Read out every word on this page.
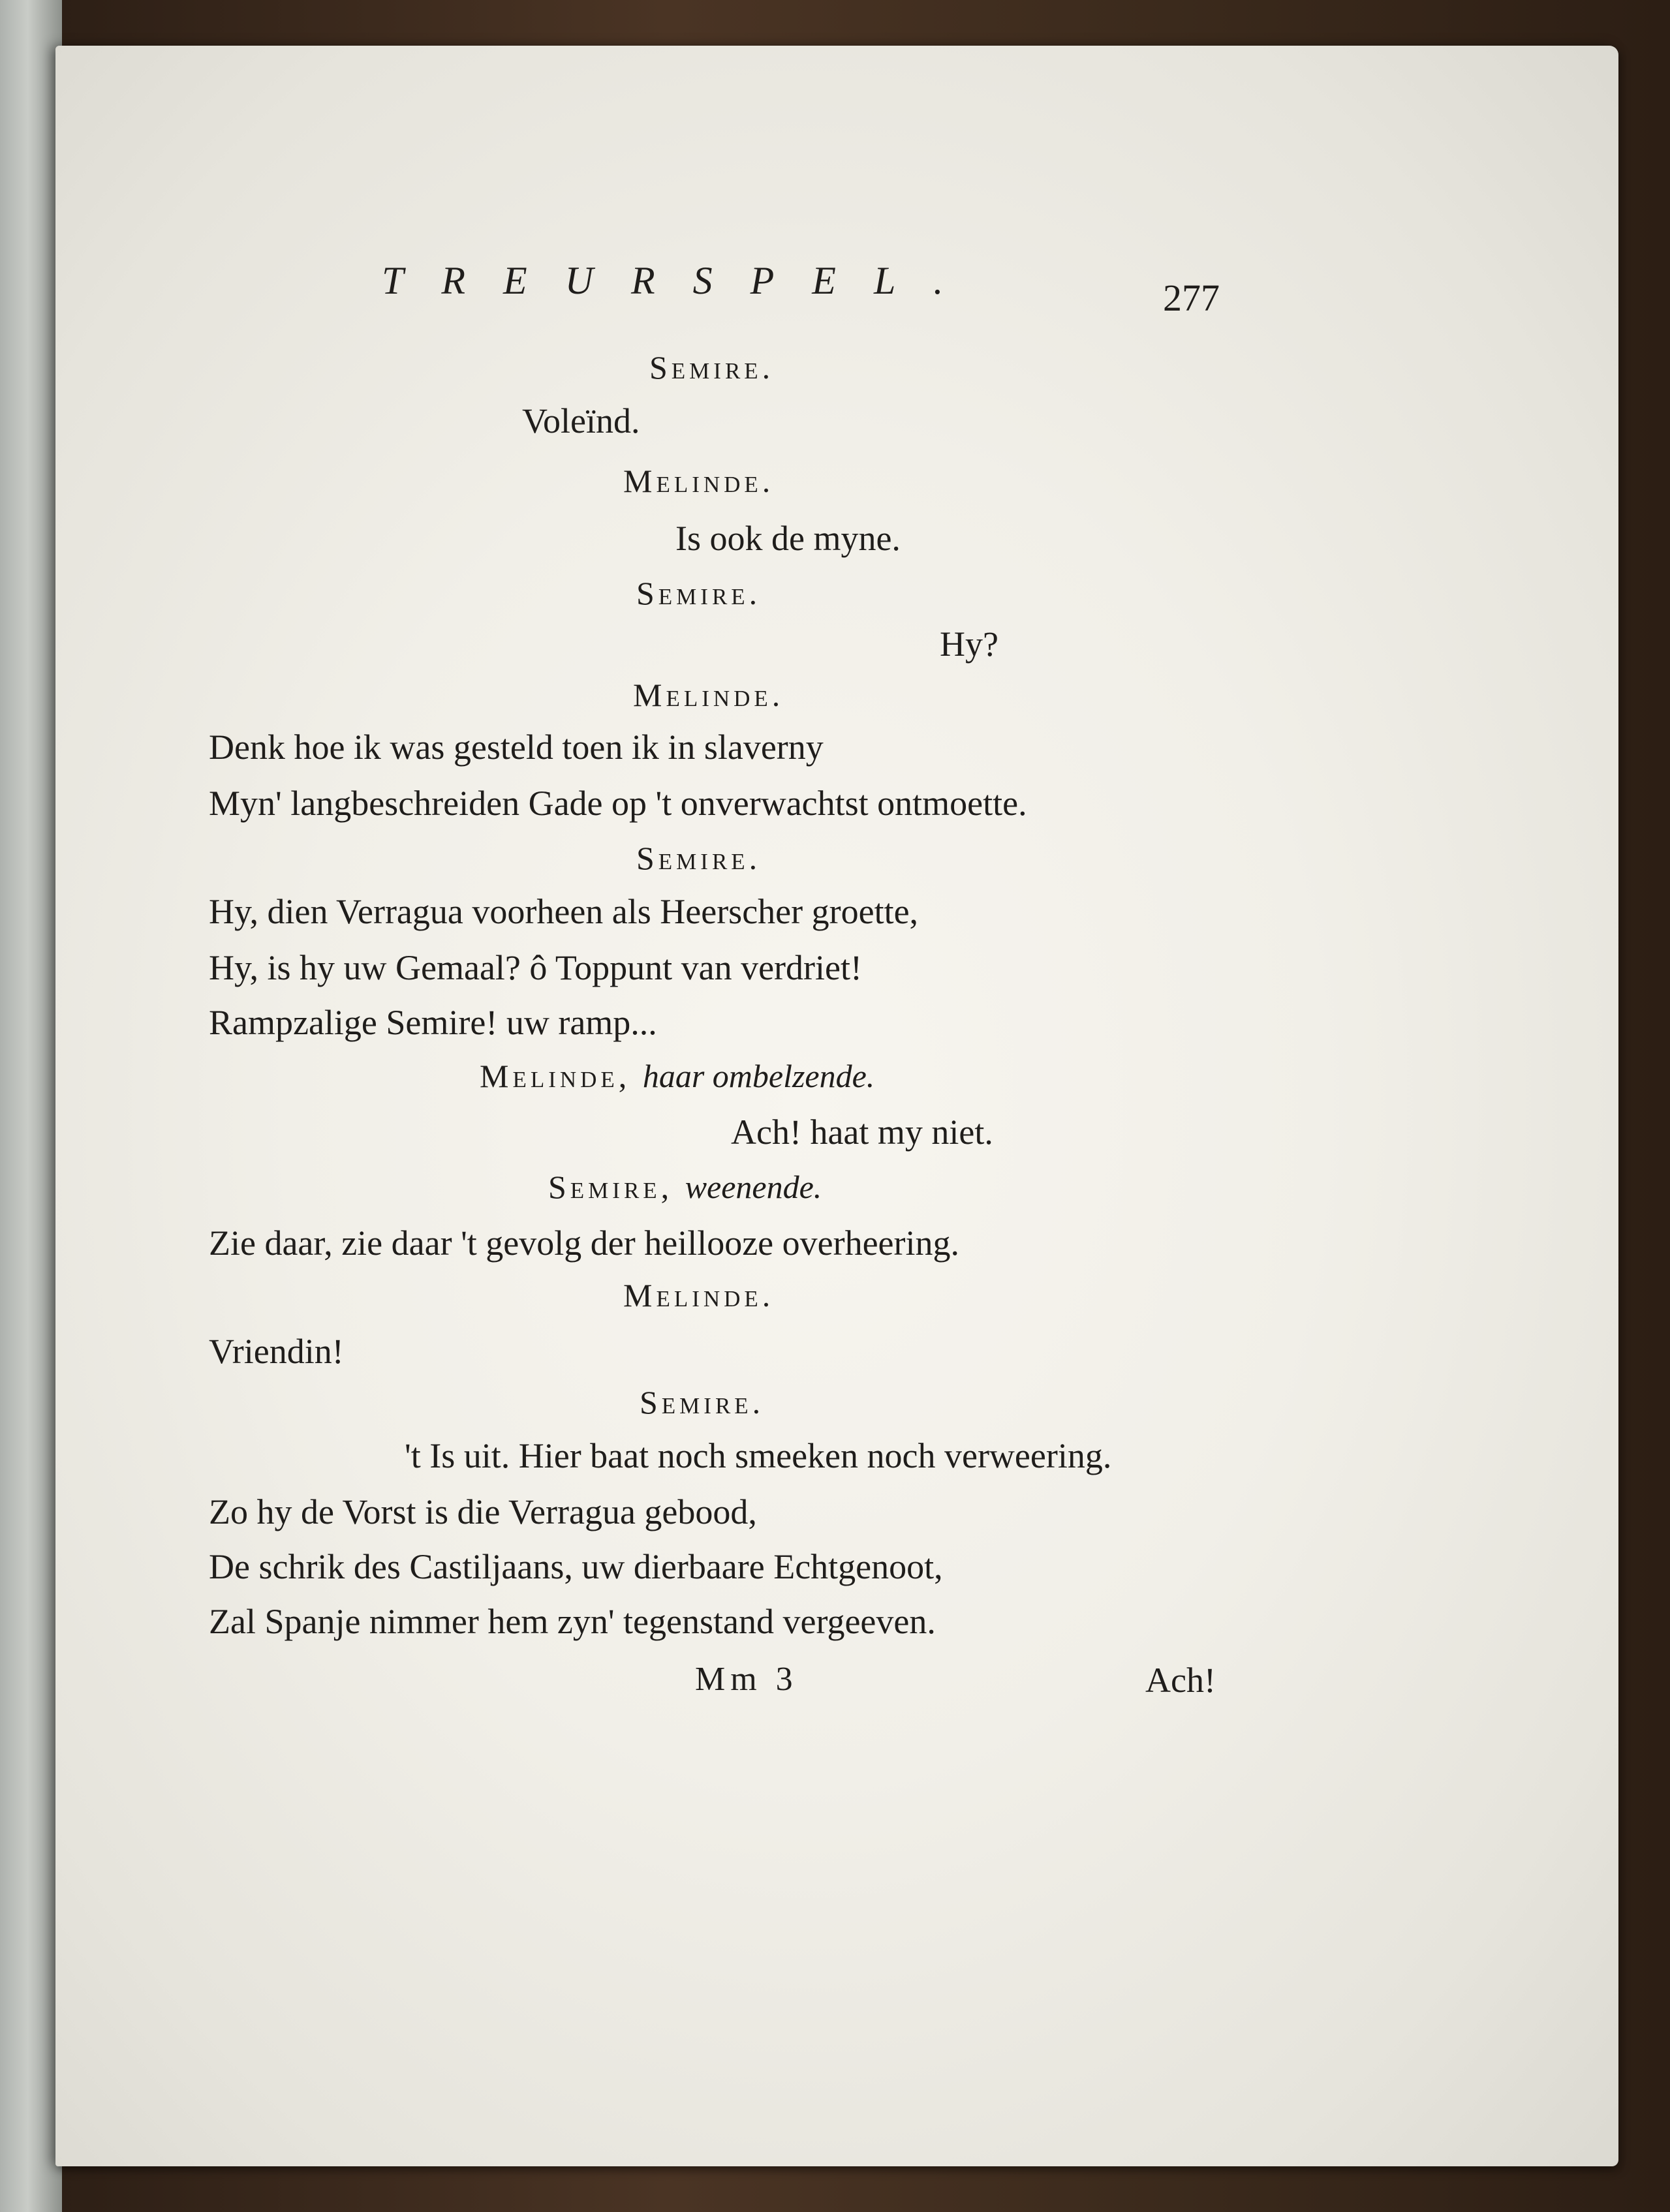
TREURSPEL.	277
Semire.
Voleïnd.
Melinde.
Is ook de myne.
Semire.
Hy?
Melinde.
Denk hoe ik was gesteld toen ik in slaverny
Myn' langbeschreiden Gade op 't onverwachtst ontmoette.
Semire.
Hy, dien Verragua voorheen als Heerscher groette,
Hy, is hy uw Gemaal? ô Toppunt van verdriet!
Rampzalige Semire! uw ramp...
Melinde, haar ombelzende.
Ach! haat my niet.
Semire, weenende.
Zie daar, zie daar 't gevolg der heillooze overheering.
Melinde.
Vriendin!
Semire.
't Is uit. Hier baat noch smeeken noch verweering.
Zo hy de Vorst is die Verragua gebood,
De schrik des Castiljaans, uw dierbaare Echtgenoot,
Zal Spanje nimmer hem zyn' tegenstand vergeeven.
Mm 3	Ach!
